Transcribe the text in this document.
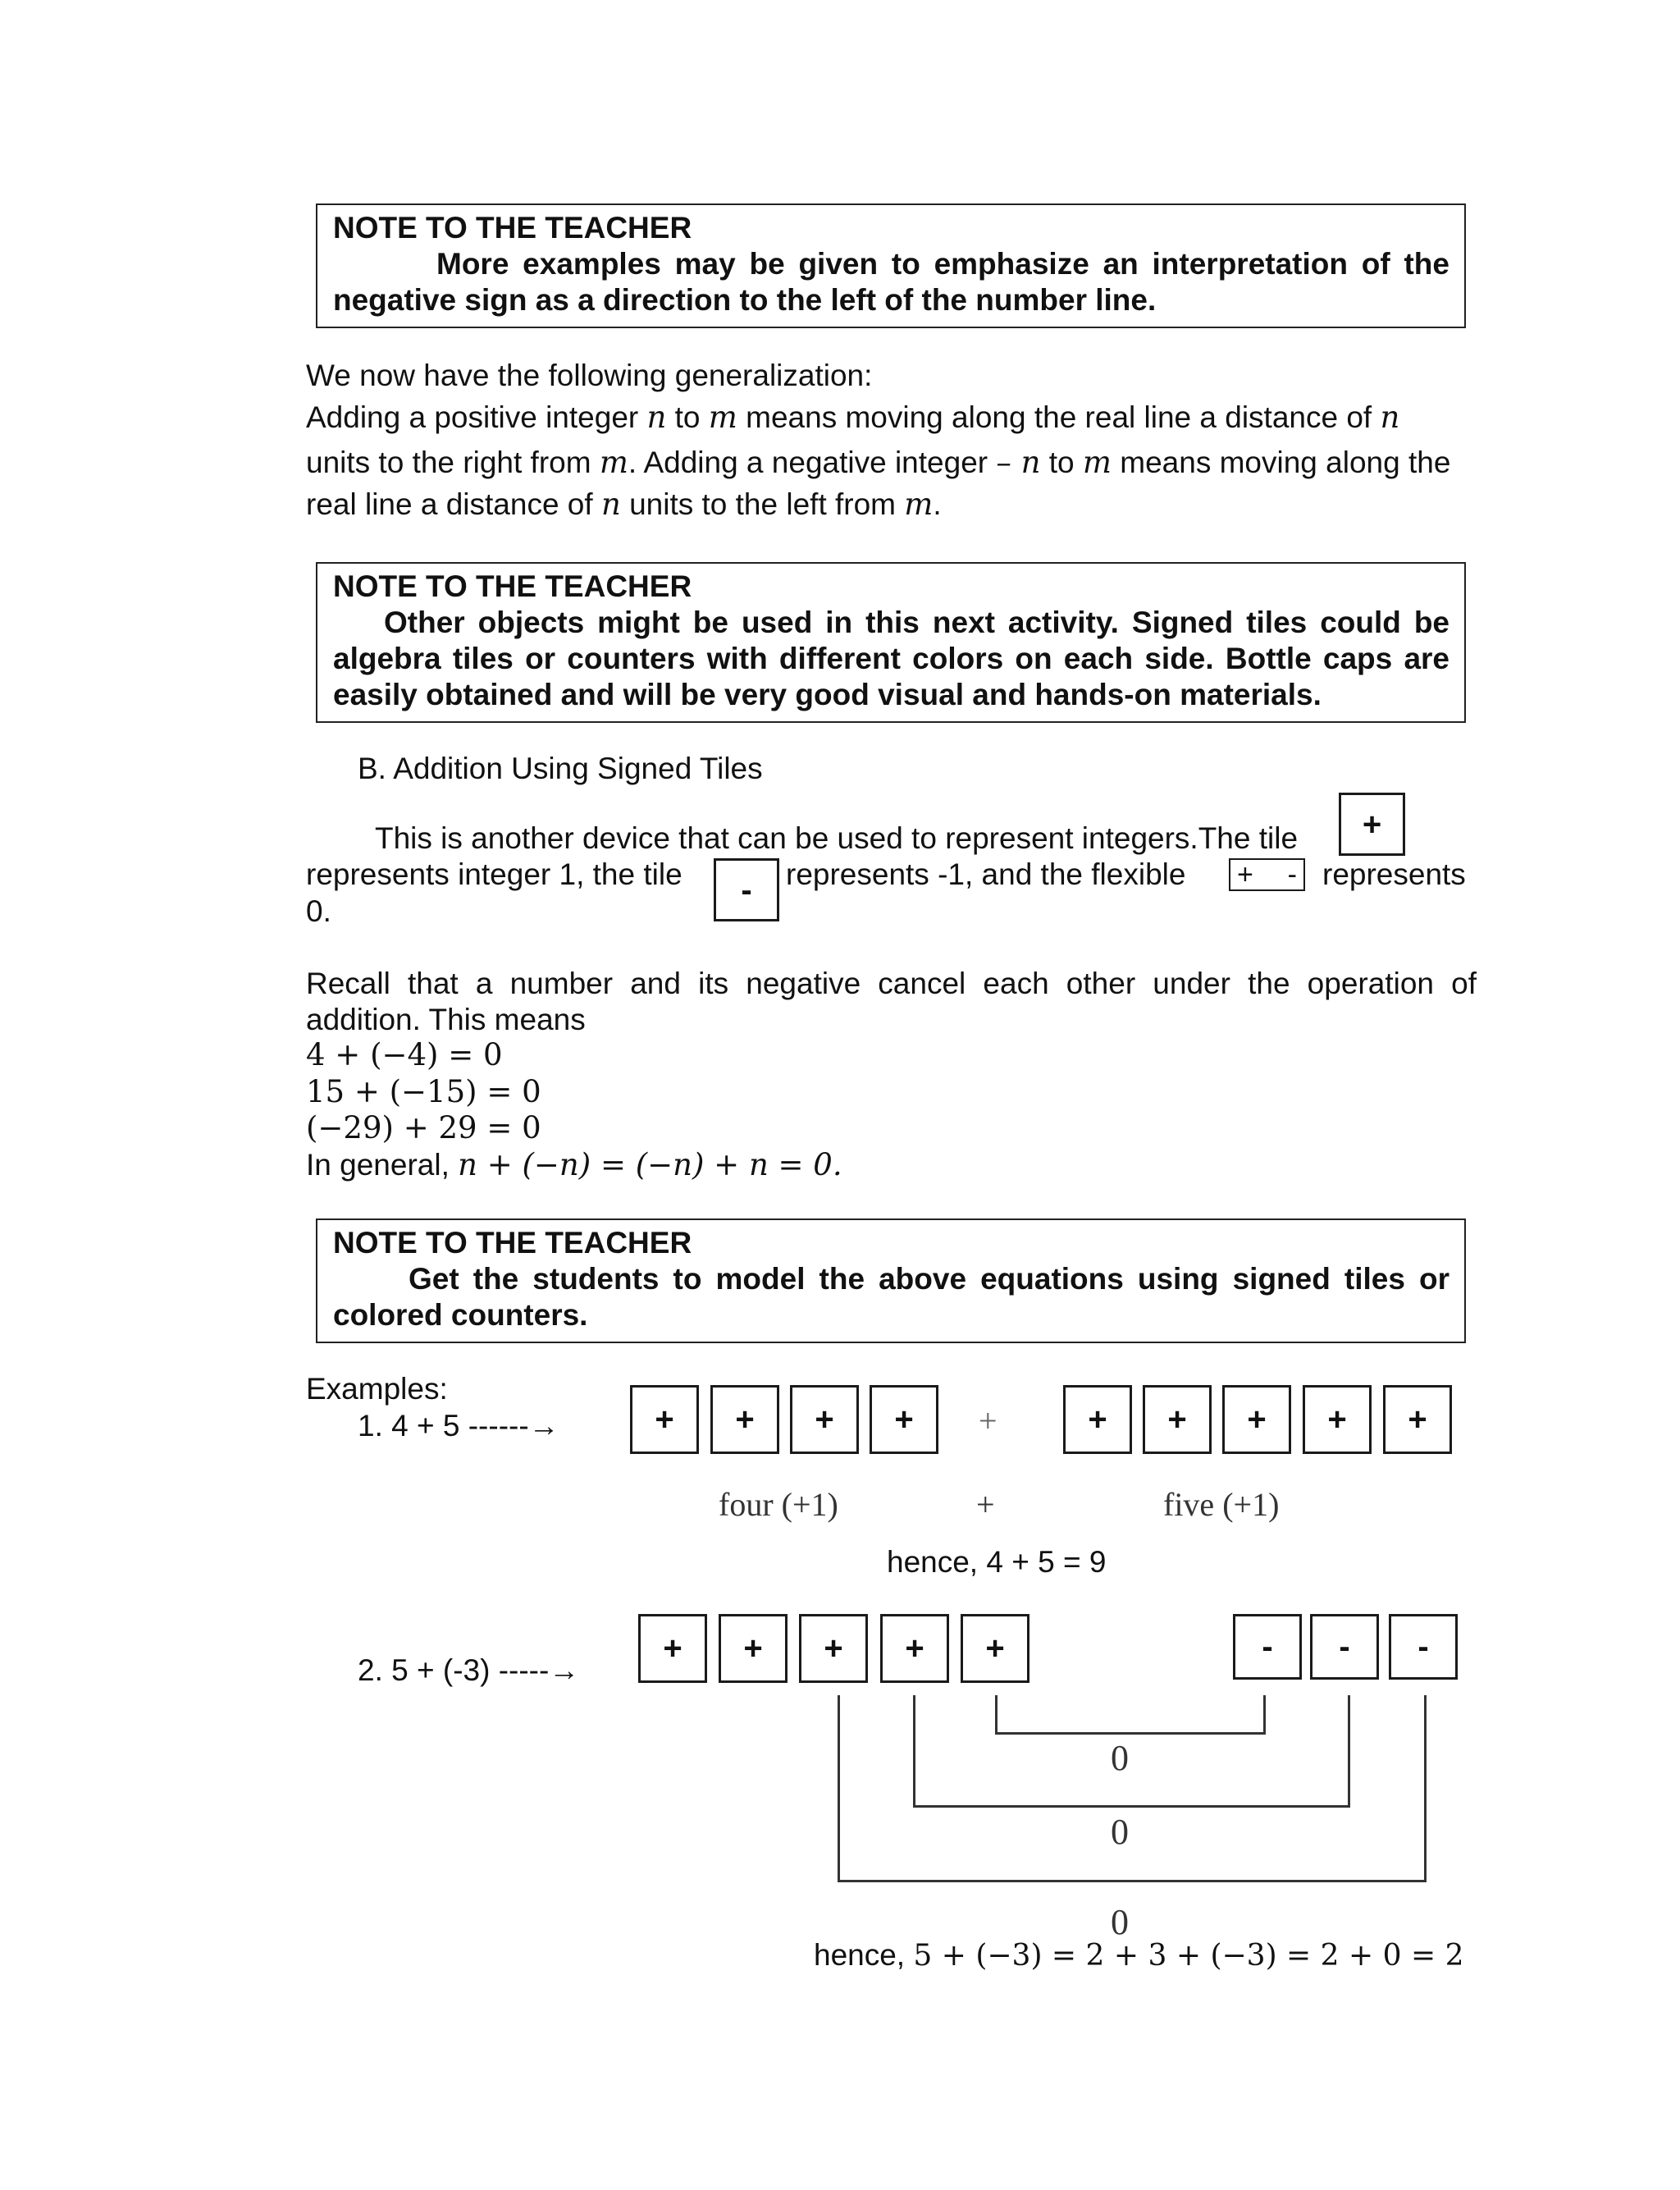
NOTE TO THE TEACHER
More examples may be given to emphasize an interpretation of the negative sign as a direction to the left of the number line.
We now have the following generalization:
Adding a positive integer n to m means moving along the real line a distance of n
units to the right from m. Adding a negative integer – n to m means moving along the
real line a distance of n units to the left from m.
NOTE TO THE TEACHER
Other objects might be used in this next activity. Signed tiles could be algebra tiles or counters with different colors on each side. Bottle caps are easily obtained and will be very good visual and hands-on materials.
B. Addition Using Signed Tiles
This is another device that can be used to represent integers.The tile +
represents integer 1, the tile - represents -1, and the flexible + - represents
0.
Recall that a number and its negative cancel each other under the operation of addition. This means
4 + (−4) = 0
15 + (−15) = 0
(−29) + 29 = 0
In general, n + (−n) = (−n) + n = 0.
NOTE TO THE TEACHER
Get the students to model the above equations using signed tiles or colored counters.
Examples:
1. 4 + 5 ------→	+ + + + +	+ + + + +
four (+1)	+	five (+1)
hence, 4 + 5 = 9
2. 5 + (-3) -----→
+ + + + +	- - -
0
0
0
hence, 5 + (−3) = 2 + 3 + (−3) = 2 + 0 = 2
